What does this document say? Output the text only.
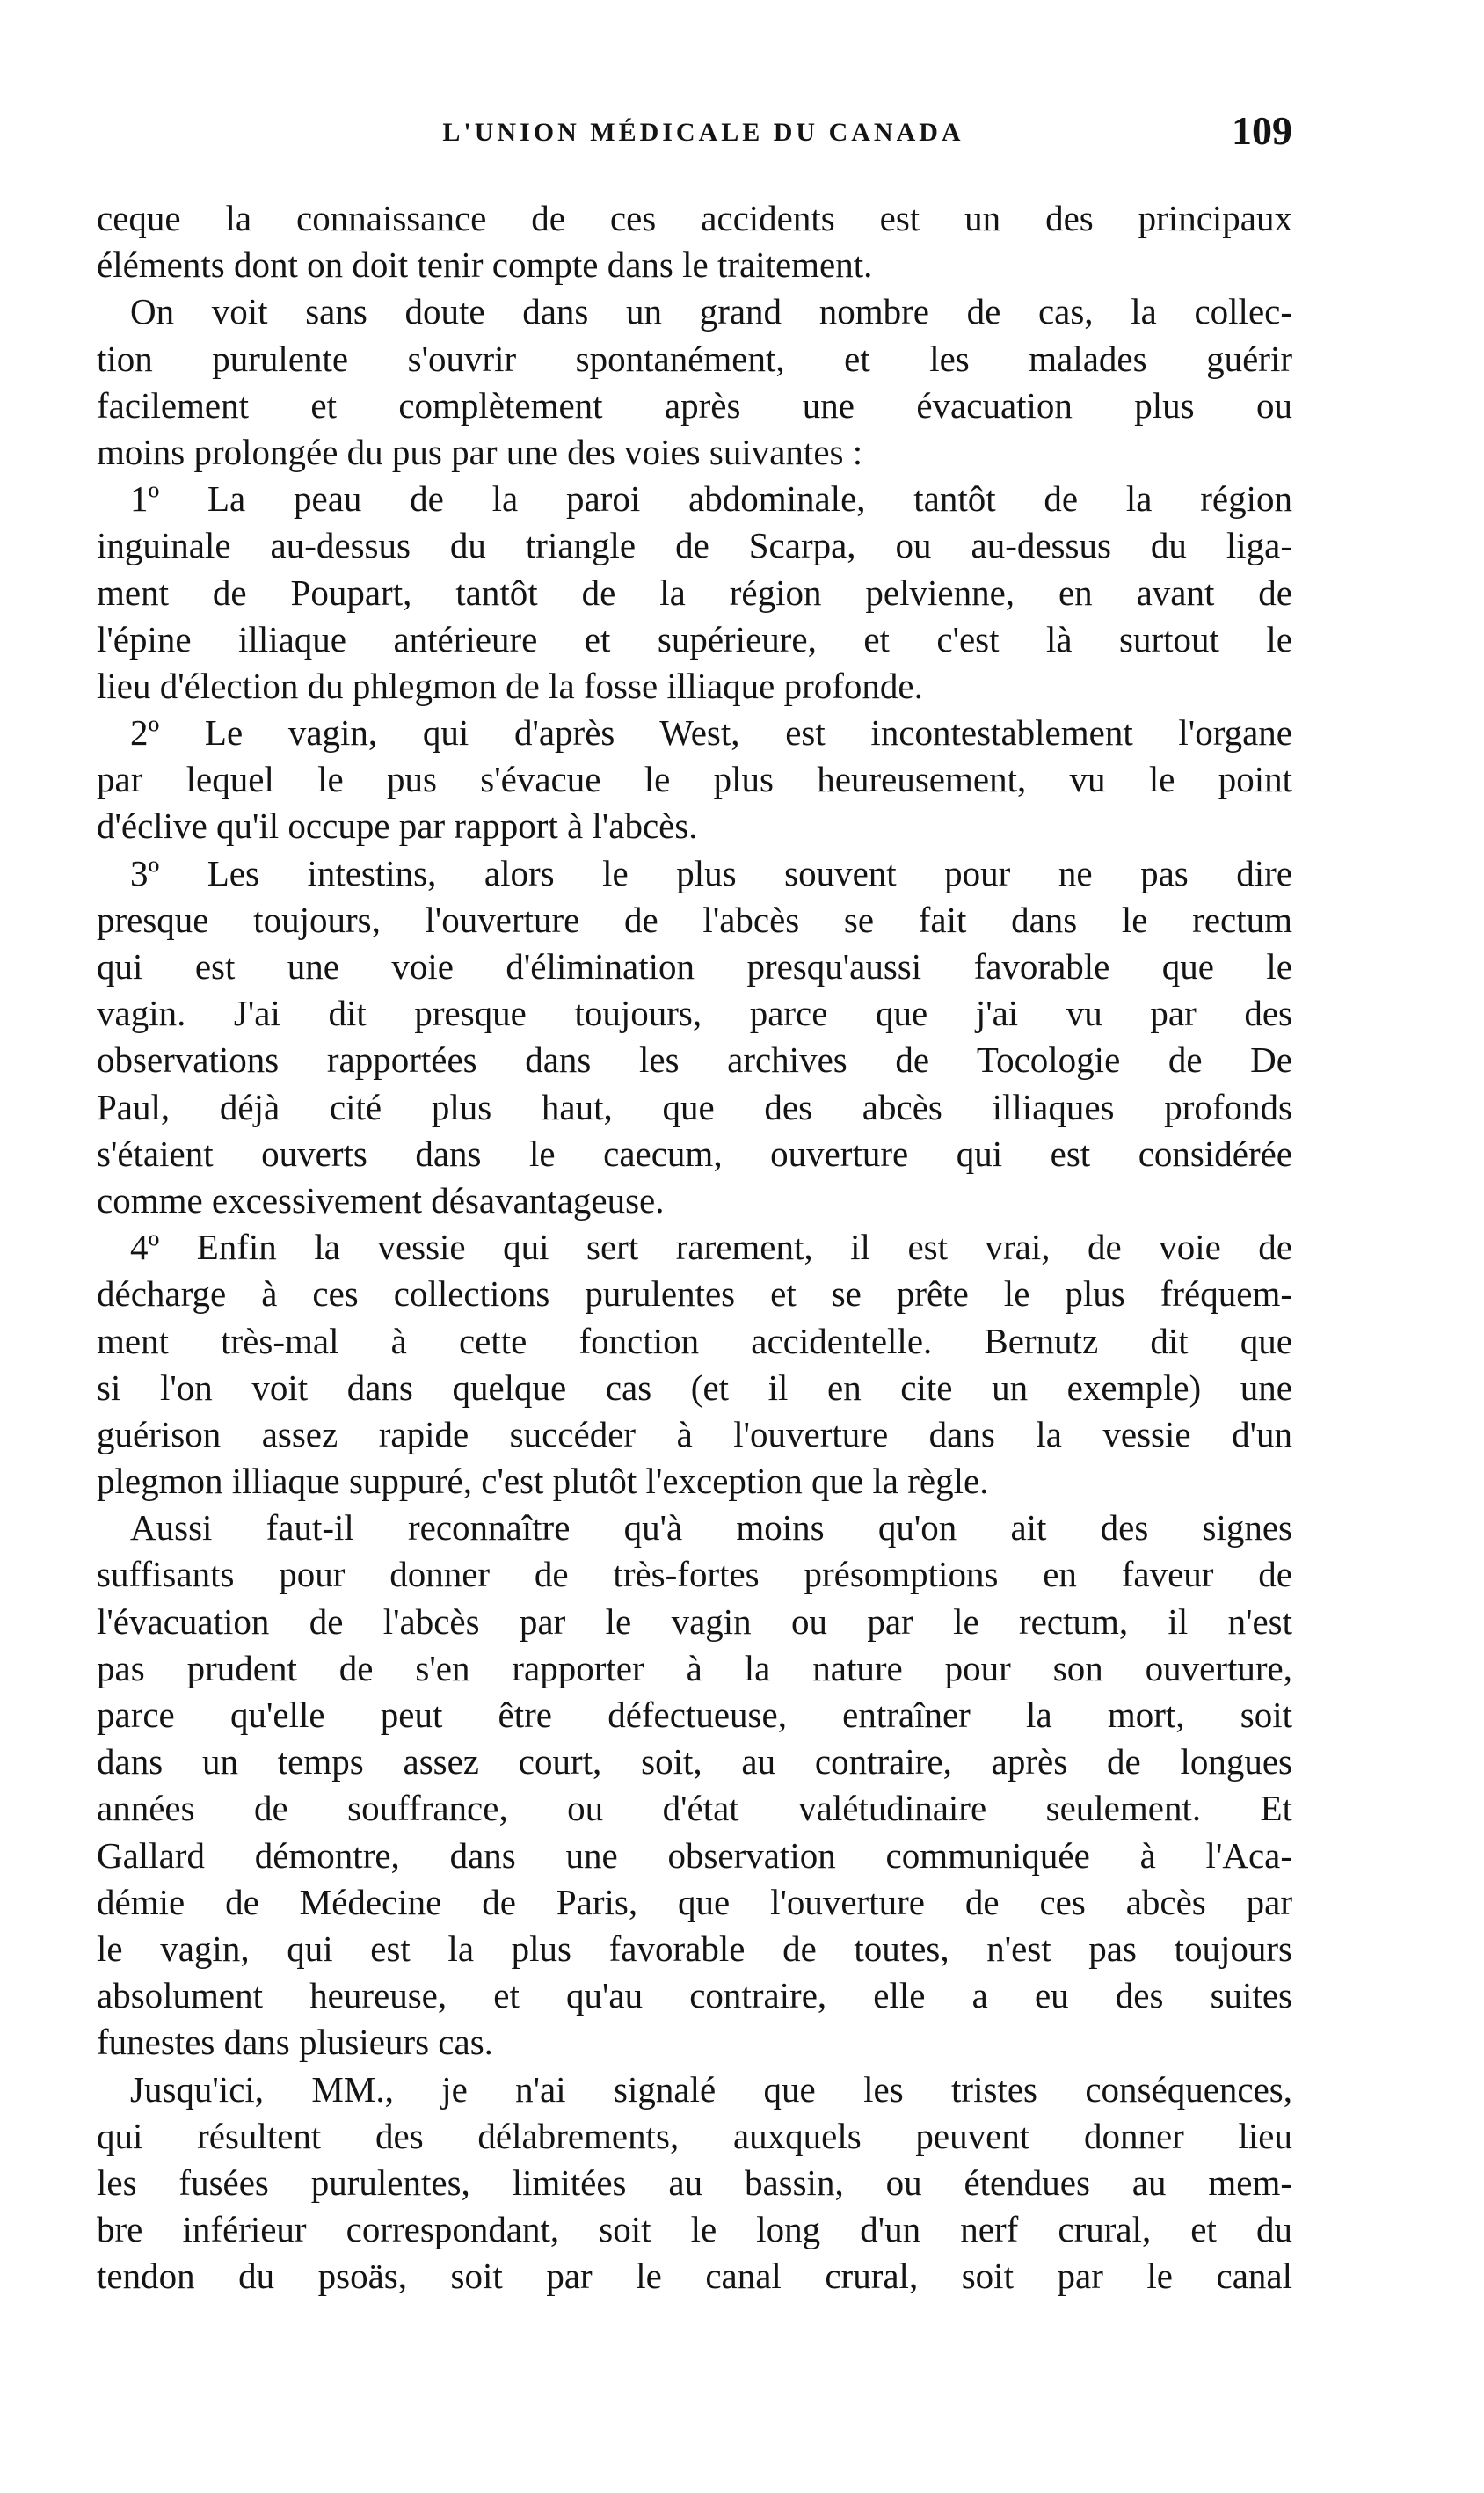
L'UNION MÉDICALE DU CANADA	109
ceque la connaissance de ces accidents est un des principaux
éléments dont on doit tenir compte dans le traitement.
On voit sans doute dans un grand nombre de cas, la collec-
tion purulente s'ouvrir spontanément, et les malades guérir
facilement et complètement après une évacuation plus ou
moins prolongée du pus par une des voies suivantes :
1º La peau de la paroi abdominale, tantôt de la région
inguinale au-dessus du triangle de Scarpa, ou au-dessus du liga-
ment de Poupart, tantôt de la région pelvienne, en avant de
l'épine illiaque antérieure et supérieure, et c'est là surtout le
lieu d'élection du phlegmon de la fosse illiaque profonde.
2º Le vagin, qui d'après West, est incontestablement l'organe
par lequel le pus s'évacue le plus heureusement, vu le point
d'éclive qu'il occupe par rapport à l'abcès.
3º Les intestins, alors le plus souvent pour ne pas dire
presque toujours, l'ouverture de l'abcès se fait dans le rectum
qui est une voie d'élimination presqu'aussi favorable que le
vagin. J'ai dit presque toujours, parce que j'ai vu par des
observations rapportées dans les archives de Tocologie de De
Paul, déjà cité plus haut, que des abcès illiaques profonds
s'étaient ouverts dans le caecum, ouverture qui est considérée
comme excessivement désavantageuse.
4º Enfin la vessie qui sert rarement, il est vrai, de voie de
décharge à ces collections purulentes et se prête le plus fréquem-
ment très-mal à cette fonction accidentelle. Bernutz dit que
si l'on voit dans quelque cas (et il en cite un exemple) une
guérison assez rapide succéder à l'ouverture dans la vessie d'un
plegmon illiaque suppuré, c'est plutôt l'exception que la règle.
Aussi faut-il reconnaître qu'à moins qu'on ait des signes
suffisants pour donner de très-fortes présomptions en faveur de
l'évacuation de l'abcès par le vagin ou par le rectum, il n'est
pas prudent de s'en rapporter à la nature pour son ouverture,
parce qu'elle peut être défectueuse, entraîner la mort, soit
dans un temps assez court, soit, au contraire, après de longues
années de souffrance, ou d'état valétudinaire seulement. Et
Gallard démontre, dans une observation communiquée à l'Aca-
démie de Médecine de Paris, que l'ouverture de ces abcès par
le vagin, qui est la plus favorable de toutes, n'est pas toujours
absolument heureuse, et qu'au contraire, elle a eu des suites
funestes dans plusieurs cas.
Jusqu'ici, MM., je n'ai signalé que les tristes conséquences,
qui résultent des délabrements, auxquels peuvent donner lieu
les fusées purulentes, limitées au bassin, ou étendues au mem-
bre inférieur correspondant, soit le long d'un nerf crural, et du
tendon du psoäs, soit par le canal crural, soit par le canal
